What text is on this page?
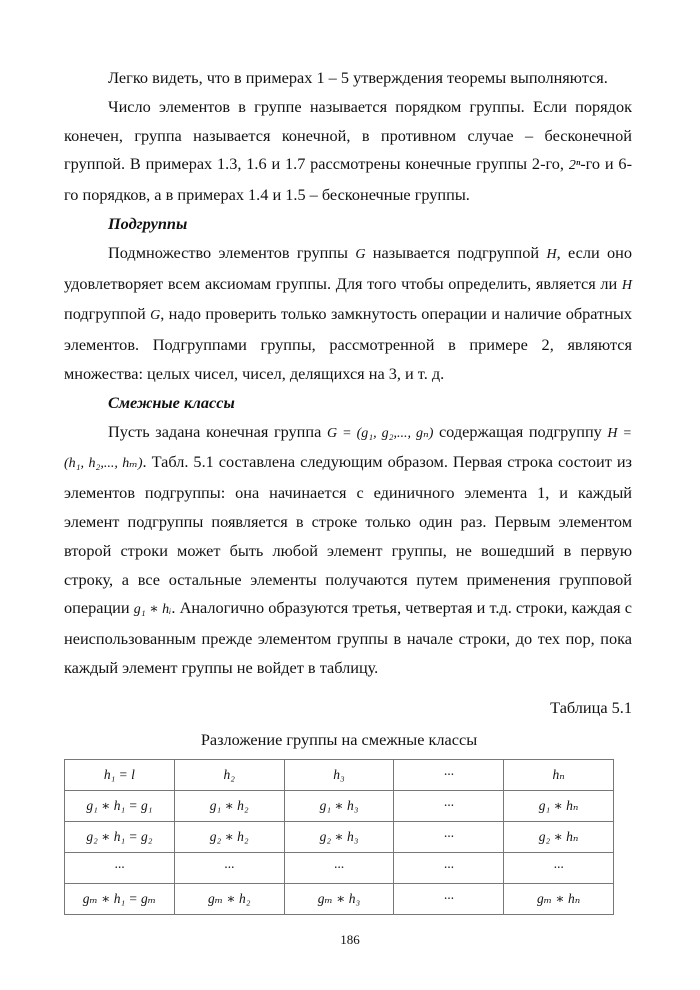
Легко видеть, что в примерах 1 – 5 утверждения теоремы выполняются.

Число элементов в группе называется порядком группы. Если порядок конечен, группа называется конечной, в противном случае – бесконечной группой. В примерах 1.3, 1.6 и 1.7 рассмотрены конечные группы 2-го, 2ⁿ-го и 6-го порядков, а в примерах 1.4 и 1.5 – бесконечные группы.

Подгруппы

Подмножество элементов группы G называется подгруппой H, если оно удовлетворяет всем аксиомам группы. Для того чтобы определить, является ли H подгруппой G, надо проверить только замкнутость операции и наличие обратных элементов. Подгруппами группы, рассмотренной в примере 2, являются множества: целых чисел, чисел, делящихся на 3, и т. д.

Смежные классы

Пусть задана конечная группа G = (g₁, g₂,..., gₙ) содержащая подгруппу H = (h₁, h₂,..., hₘ). Табл. 5.1 составлена следующим образом. Первая строка состоит из элементов подгруппы: она начинается с единичного элемента 1, и каждый элемент подгруппы появляется в строке только один раз. Первым элементом второй строки может быть любой элемент группы, не вошедший в первую строку, а все остальные элементы получаются путем применения групповой операции g₁ ∗ hᵢ. Аналогично образуются третья, четвертая и т.д. строки, каждая с неиспользованным прежде элементом группы в начале строки, до тех пор, пока каждый элемент группы не войдет в таблицу.

Таблица 5.1
Разложение группы на смежные классы
h₁ = l	h₂	h₃	···	hₙ
g₁ ∗ h₁ = g₁	g₁ ∗ h₂	g₁ ∗ h₃	···	g₁ ∗ hₙ
g₂ ∗ h₁ = g₂	g₂ ∗ h₂	g₂ ∗ h₃	···	g₂ ∗ hₙ
···	···	···	···	···
gₘ ∗ h₁ = gₘ	gₘ ∗ h₂	gₘ ∗ h₃	···	gₘ ∗ hₙ
186
